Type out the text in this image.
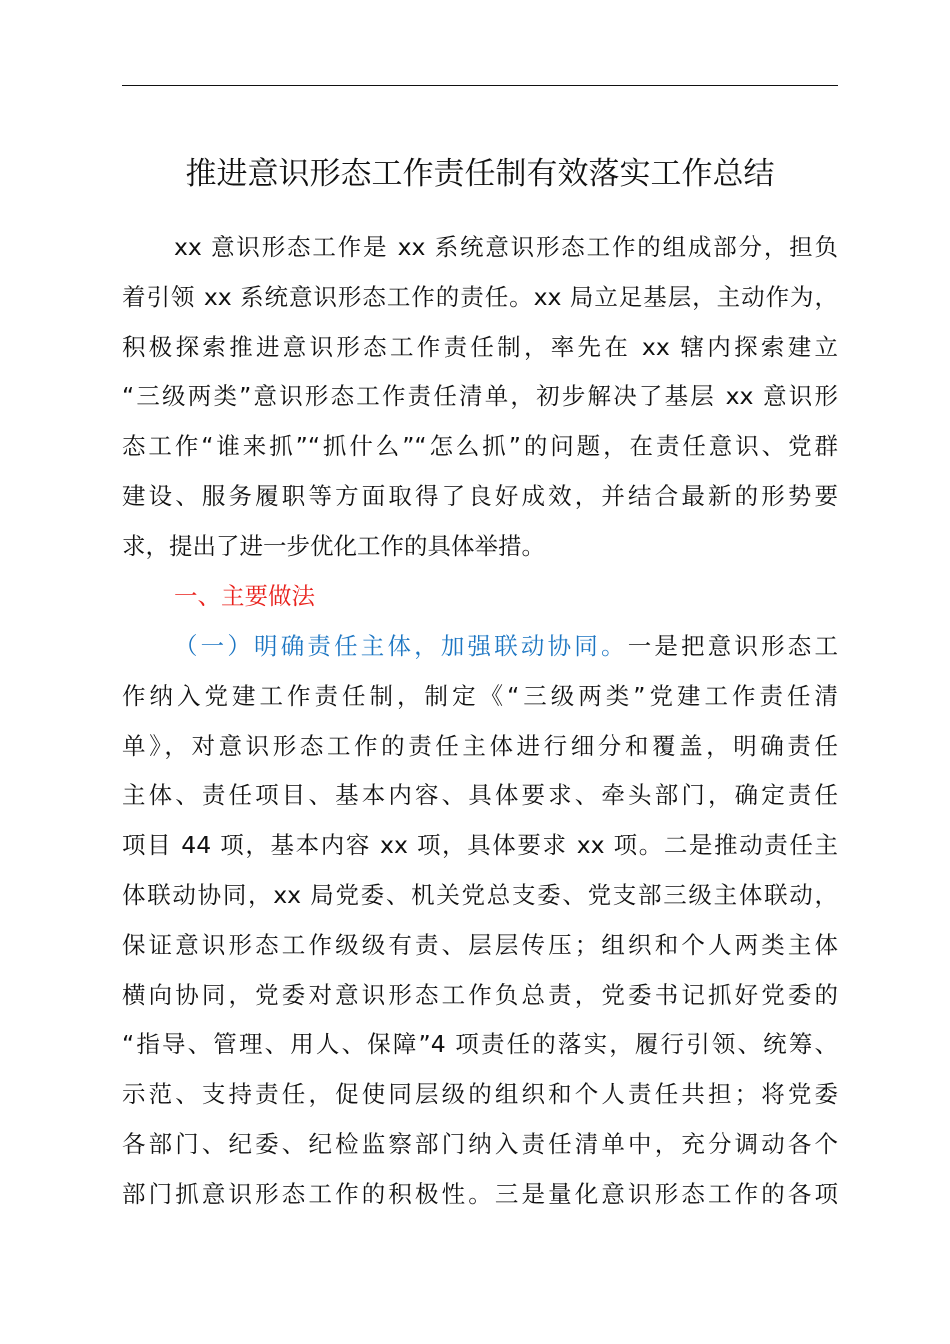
推进意识形态工作责任制有效落实工作总结
xx 意识形态工作是 xx 系统意识形态工作的组成部分，担负
着引领 xx 系统意识形态工作的责任。xx 局立足基层，主动作为，
积极探索推进意识形态工作责任制，率先在 xx 辖内探索建立
“三级两类”意识形态工作责任清单，初步解决了基层 xx 意识形
态工作“谁来抓”“抓什么”“怎么抓”的问题，在责任意识、党群
建设、服务履职等方面取得了良好成效，并结合最新的形势要
求，提出了进一步优化工作的具体举措。
一、主要做法
（一）明确责任主体，加强联动协同。一是把意识形态工
作纳入党建工作责任制，制定《“三级两类”党建工作责任清
单》，对意识形态工作的责任主体进行细分和覆盖，明确责任
主体、责任项目、基本内容、具体要求、牵头部门，确定责任
项目 44 项，基本内容 xx 项，具体要求 xx 项。二是推动责任主
体联动协同，xx 局党委、机关党总支委、党支部三级主体联动，
保证意识形态工作级级有责、层层传压；组织和个人两类主体
横向协同，党委对意识形态工作负总责，党委书记抓好党委的
“指导、管理、用人、保障”4 项责任的落实，履行引领、统筹、
示范、支持责任，促使同层级的组织和个人责任共担；将党委
各部门、纪委、纪检监察部门纳入责任清单中，充分调动各个
部门抓意识形态工作的积极性。三是量化意识形态工作的各项
